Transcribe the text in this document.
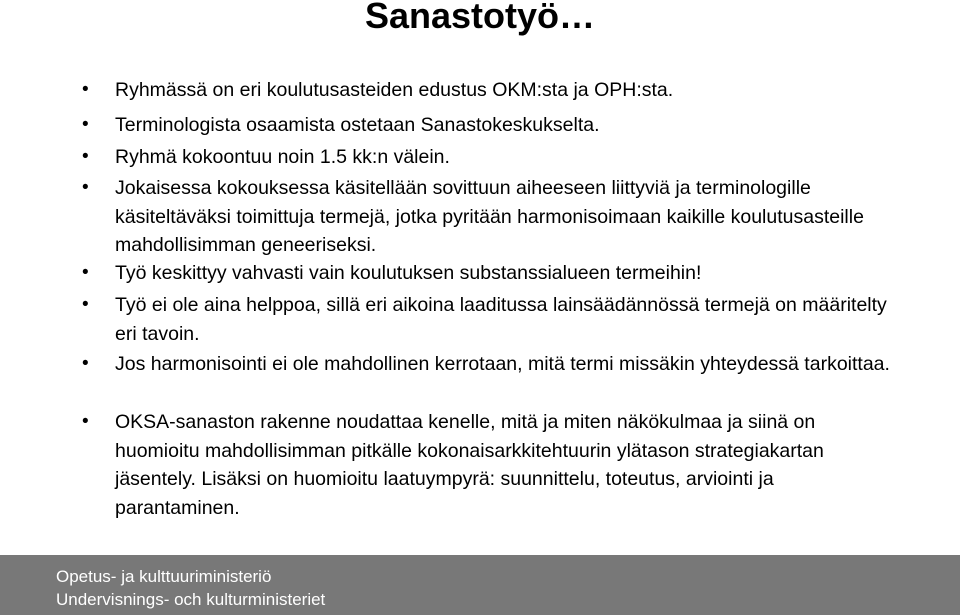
Sanastotyö…
• Ryhmässä on eri koulutusasteiden edustus OKM:sta ja OPH:sta.
• Terminologista osaamista ostetaan Sanastokeskukselta.
• Ryhmä kokoontuu noin 1.5 kk:n välein.
• Jokaisessa kokouksessa käsitellään sovittuun aiheeseen liittyviä ja terminologille käsiteltäväksi toimittuja termejä, jotka pyritään harmonisoimaan kaikille koulutusasteille mahdollisimman geneeriseksi.
• Työ keskittyy vahvasti vain koulutuksen substanssialueen termeihin!
• Työ ei ole aina helppoa, sillä eri aikoina laaditussa lainsäädännössä termejä on määritelty eri tavoin.
• Jos harmonisointi ei ole mahdollinen kerrotaan, mitä termi missäkin yhteydessä tarkoittaa.
• OKSA-sanaston rakenne noudattaa kenelle, mitä ja miten näkökulmaa ja siinä on huomioitu mahdollisimman pitkälle kokonaisarkkitehtuurin ylätason strategiakartan jäsentely. Lisäksi on huomioitu laatuympyrä: suunnittelu, toteutus, arviointi ja parantaminen.
Opetus- ja kulttuuriministeriö
Undervisnings- och kulturministeriet
